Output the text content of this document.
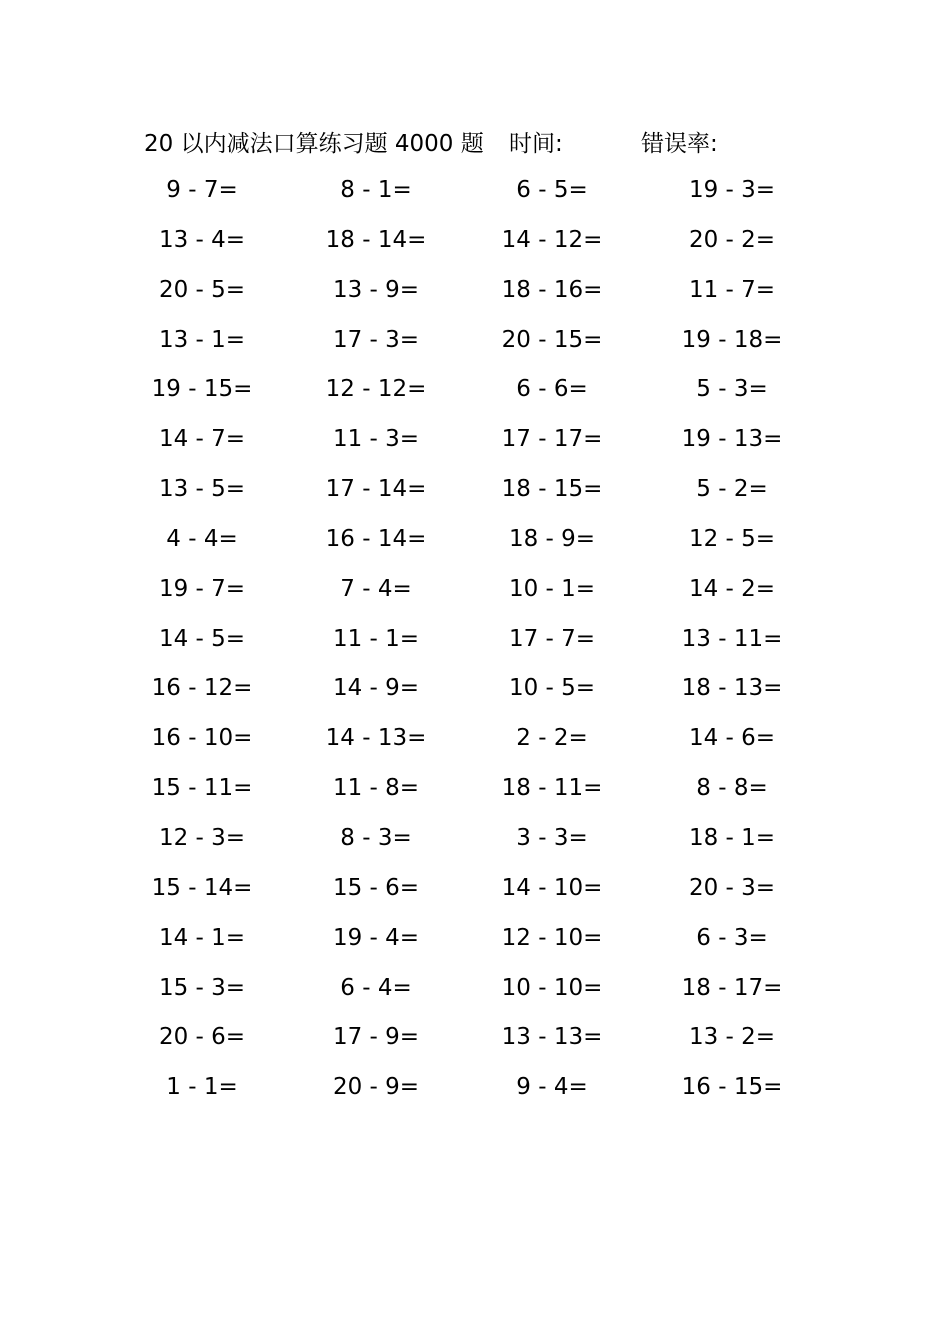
20 以内减法口算练习题 4000 题 时间:	错误率:
9 - 7=	8 - 1=	6 - 5=	19 - 3=
13 - 4=	18 - 14=	14 - 12=	20 - 2=
20 - 5=	13 - 9=	18 - 16=	11 - 7=
13 - 1=	17 - 3=	20 - 15=	19 - 18=
19 - 15=	12 - 12=	6 - 6=	5 - 3=
14 - 7=	11 - 3=	17 - 17=	19 - 13=
13 - 5=	17 - 14=	18 - 15=	5 - 2=
4 - 4=	16 - 14=	18 - 9=	12 - 5=
19 - 7=	7 - 4=	10 - 1=	14 - 2=
14 - 5=	11 - 1=	17 - 7=	13 - 11=
16 - 12=	14 - 9=	10 - 5=	18 - 13=
16 - 10=	14 - 13=	2 - 2=	14 - 6=
15 - 11=	11 - 8=	18 - 11=	8 - 8=
12 - 3=	8 - 3=	3 - 3=	18 - 1=
15 - 14=	15 - 6=	14 - 10=	20 - 3=
14 - 1=	19 - 4=	12 - 10=	6 - 3=
15 - 3=	6 - 4=	10 - 10=	18 - 17=
20 - 6=	17 - 9=	13 - 13=	13 - 2=
1 - 1=	20 - 9=	9 - 4=	16 - 15=
